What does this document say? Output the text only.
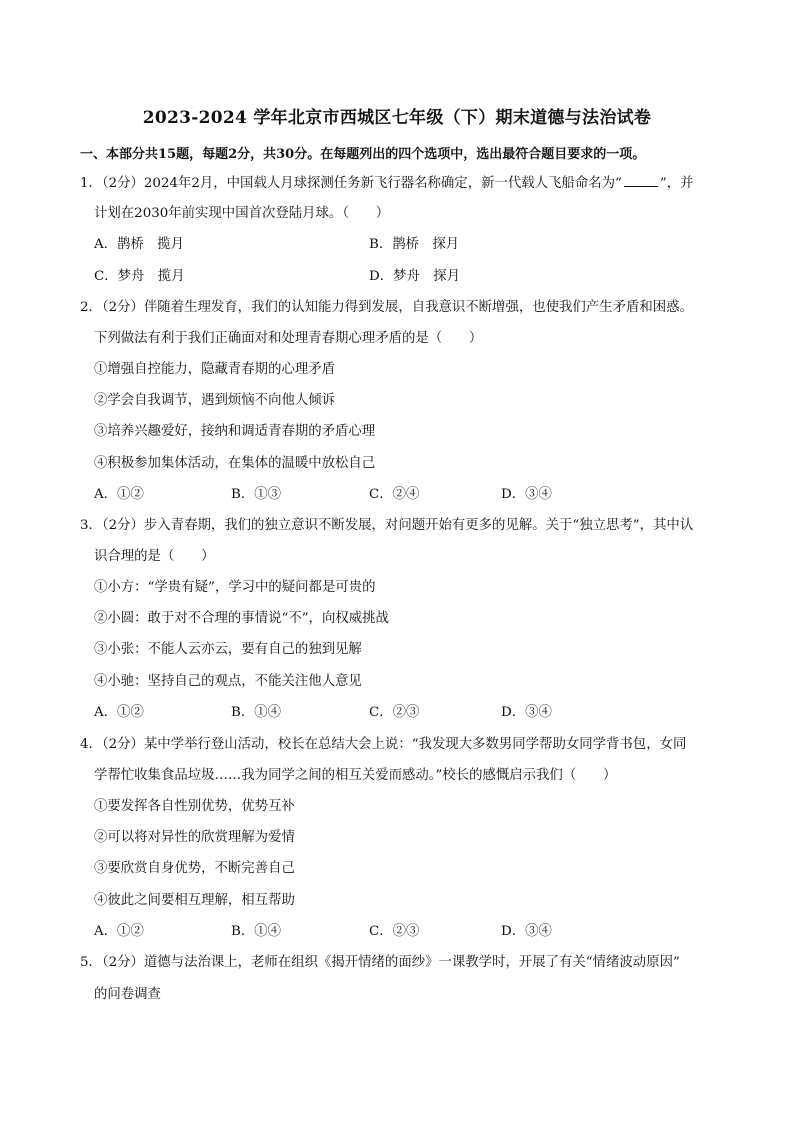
2023-2024 学年北京市西城区七年级（下）期末道德与法治试卷
一、本部分共15题，每题2分，共30分。在每题列出的四个选项中，选出最符合题目要求的一项。
1．（2分）2024年2月，中国载人月球探测任务新飞行器名称确定，新一代载人飞船命名为“	”，并
计划在2030年前实现中国首次登陆月球。（　　）
A．鹊桥　揽月	B．鹊桥　探月
C．梦舟　揽月	D．梦舟　探月
2．（2分）伴随着生理发育，我们的认知能力得到发展，自我意识不断增强，也使我们产生矛盾和困惑。
下列做法有利于我们正确面对和处理青春期心理矛盾的是（　　）
①增强自控能力，隐藏青春期的心理矛盾
②学会自我调节，遇到烦恼不向他人倾诉
③培养兴趣爱好，接纳和调适青春期的矛盾心理
④积极参加集体活动，在集体的温暖中放松自己
A．①②	B．①③	C．②④	D．③④
3．（2分）步入青春期，我们的独立意识不断发展，对问题开始有更多的见解。关于“独立思考”，其中认
识合理的是（　　）
①小方：“学贵有疑”，学习中的疑问都是可贵的
②小圆：敢于对不合理的事情说“不”，向权威挑战
③小张：不能人云亦云，要有自己的独到见解
④小驰：坚持自己的观点，不能关注他人意见
A．①②	B．①④	C．②③	D．③④
4．（2分）某中学举行登山活动，校长在总结大会上说：“我发现大多数男同学帮助女同学背书包，女同
学帮忙收集食品垃圾……我为同学之间的相互关爱而感动。”校长的感慨启示我们（　　）
①要发挥各自性别优势，优势互补
②可以将对异性的欣赏理解为爱情
③要欣赏自身优势，不断完善自己
④彼此之间要相互理解，相互帮助
A．①②	B．①④	C．②③	D．③④
5．（2分）道德与法治课上，老师在组织《揭开情绪的面纱》一课教学时，开展了有关“情绪波动原因”
的问卷调查
